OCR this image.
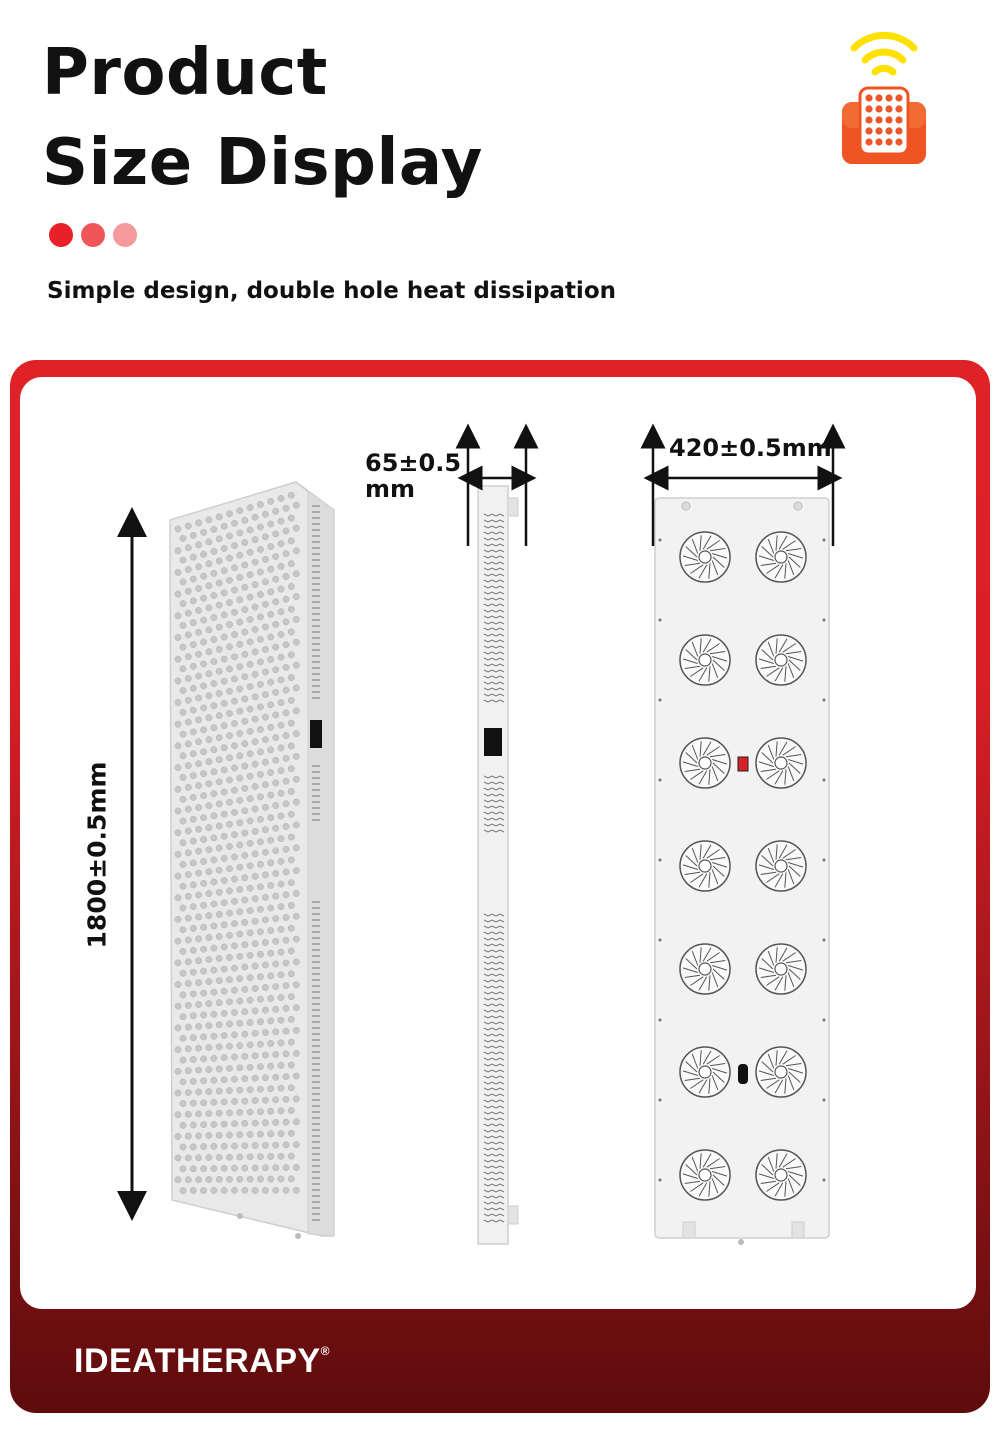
Product
Size Display

Simple design, double hole heat dissipation

1800±0.5mm
65±0.5
mm
420±0.5mm
IDEATHERAPY®
